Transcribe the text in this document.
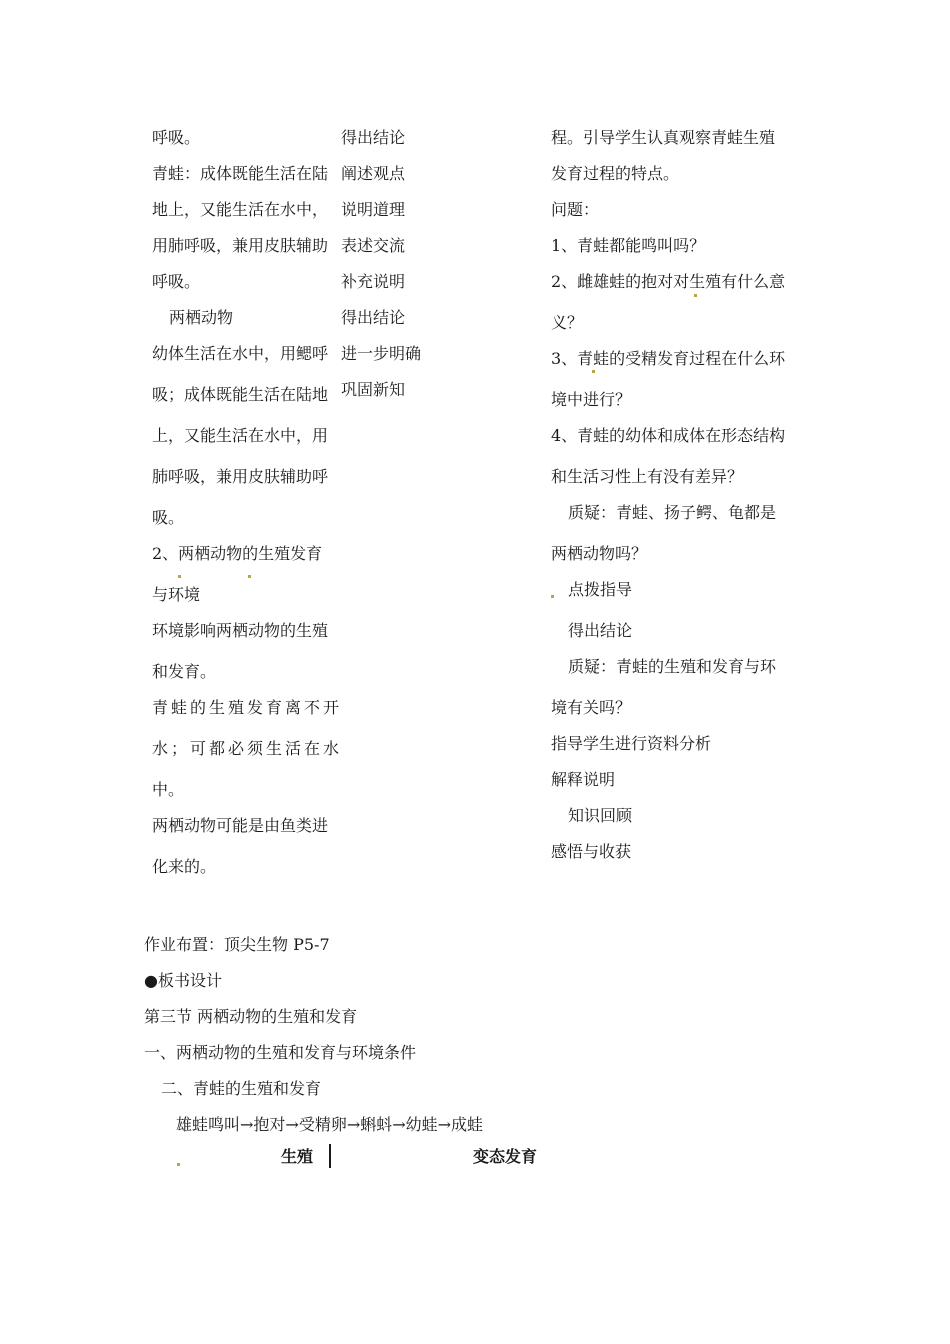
呼吸。
青蛙：成体既能生活在陆
地上，又能生活在水中，
用肺呼吸，兼用皮肤辅助
呼吸。
两栖动物
幼体生活在水中，用鳃呼
吸；成体既能生活在陆地
上，又能生活在水中，用
肺呼吸，兼用皮肤辅助呼
吸。
2、两栖动物的生殖发育
与环境
环境影响两栖动物的生殖
和发育。
青蛙的生殖发育离不开
水；可都必须生活在水
中。
两栖动物可能是由鱼类进
化来的。
得出结论
阐述观点
说明道理
表述交流
补充说明
得出结论
进一步明确
巩固新知
程。引导学生认真观察青蛙生殖
发育过程的特点。
问题：
1、青蛙都能鸣叫吗？
2、雌雄蛙的抱对对生殖有什么意
义？
3、青蛙的受精发育过程在什么环
境中进行？
4、青蛙的幼体和成体在形态结构
和生活习性上有没有差异？
质疑：青蛙、扬子鳄、龟都是
两栖动物吗？
点拨指导
得出结论
质疑：青蛙的生殖和发育与环
境有关吗？
指导学生进行资料分析
解释说明
知识回顾
感悟与收获
作业布置：顶尖生物 P5-7
●板书设计
第三节 两栖动物的生殖和发育
一、两栖动物的生殖和发育与环境条件
二、青蛙的生殖和发育
雄蛙鸣叫→抱对→受精卵→蝌蚪→幼蛙→成蛙
生殖	变态发育
